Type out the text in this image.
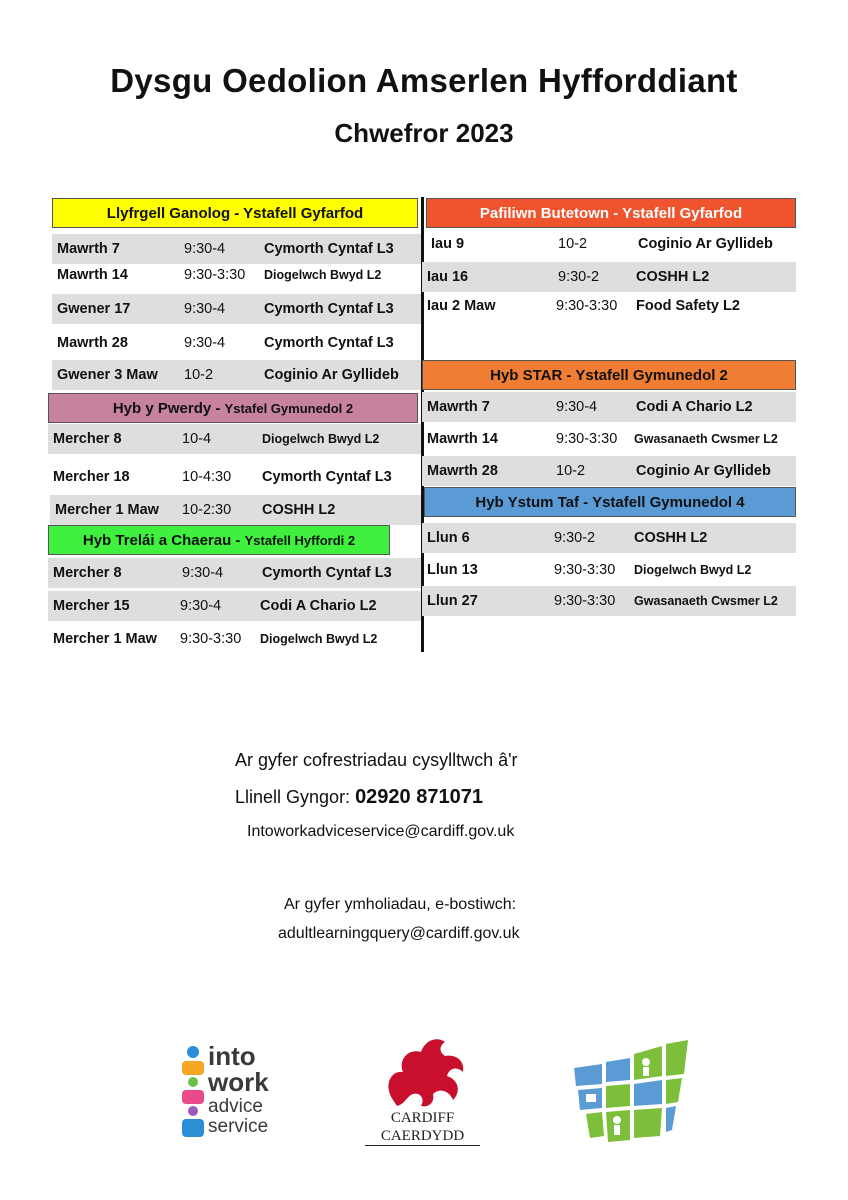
Dysgu Oedolion Amserlen Hyfforddiant
Chwefror 2023
Llyfrgell Ganolog - Ystafell Gyfarfod
Mawrth 7	9:30-4	Cymorth Cyntaf L3
Mawrth 14	9:30-3:30 Diogelwch Bwyd L2
Gwener 17	9:30-4	Cymorth Cyntaf L3
Mawrth 28	9:30-4	Cymorth Cyntaf L3
Gwener 3 Maw 10-2	Coginio Ar Gyllideb
Hyb y Pwerdy - Ystafel Gymunedol 2
Mercher 8	10-4	Diogelwch Bwyd L2
Mercher 18	10-4:30 Cymorth Cyntaf L3
Mercher 1 Maw 10-2:30 COSHH L2
Hyb Trelái a Chaerau - Ystafell Hyffordi 2
Mercher 8	9:30-4	Cymorth Cyntaf L3
Mercher 15	9:30-4	Codi A Chario L2
Mercher 1 Maw 9:30-3:30 Diogelwch Bwyd L2
Pafiliwn Butetown - Ystafell Gyfarfod
Iau 9	10-2	Coginio Ar Gyllideb
Iau 16	9:30-2	COSHH L2
Iau 2 Maw	9:30-3:30 Food Safety L2
Hyb STAR - Ystafell Gymunedol 2
Mawrth 7	9:30-4	Codi A Chario L2
Mawrth 14	9:30-3:30 Gwasanaeth Cwsmer L2
Mawrth 28	10-2	Coginio Ar Gyllideb
Hyb Ystum Taf - Ystafell Gymunedol 4
Llun 6	9:30-2	COSHH L2
Llun 13	9:30-3:30 Diogelwch Bwyd L2
Llun 27	9:30-3:30 Gwasanaeth Cwsmer L2
Ar gyfer cofrestriadau cysylltwch â'r
Llinell Gyngor: 02920 871071
Intoworkadviceservice@cardiff.gov.uk
Ar gyfer ymholiadau, e-bostiwch:
adultlearningquery@cardiff.gov.uk
into
work
advice
service	CARDIFF
CAERDYDD
